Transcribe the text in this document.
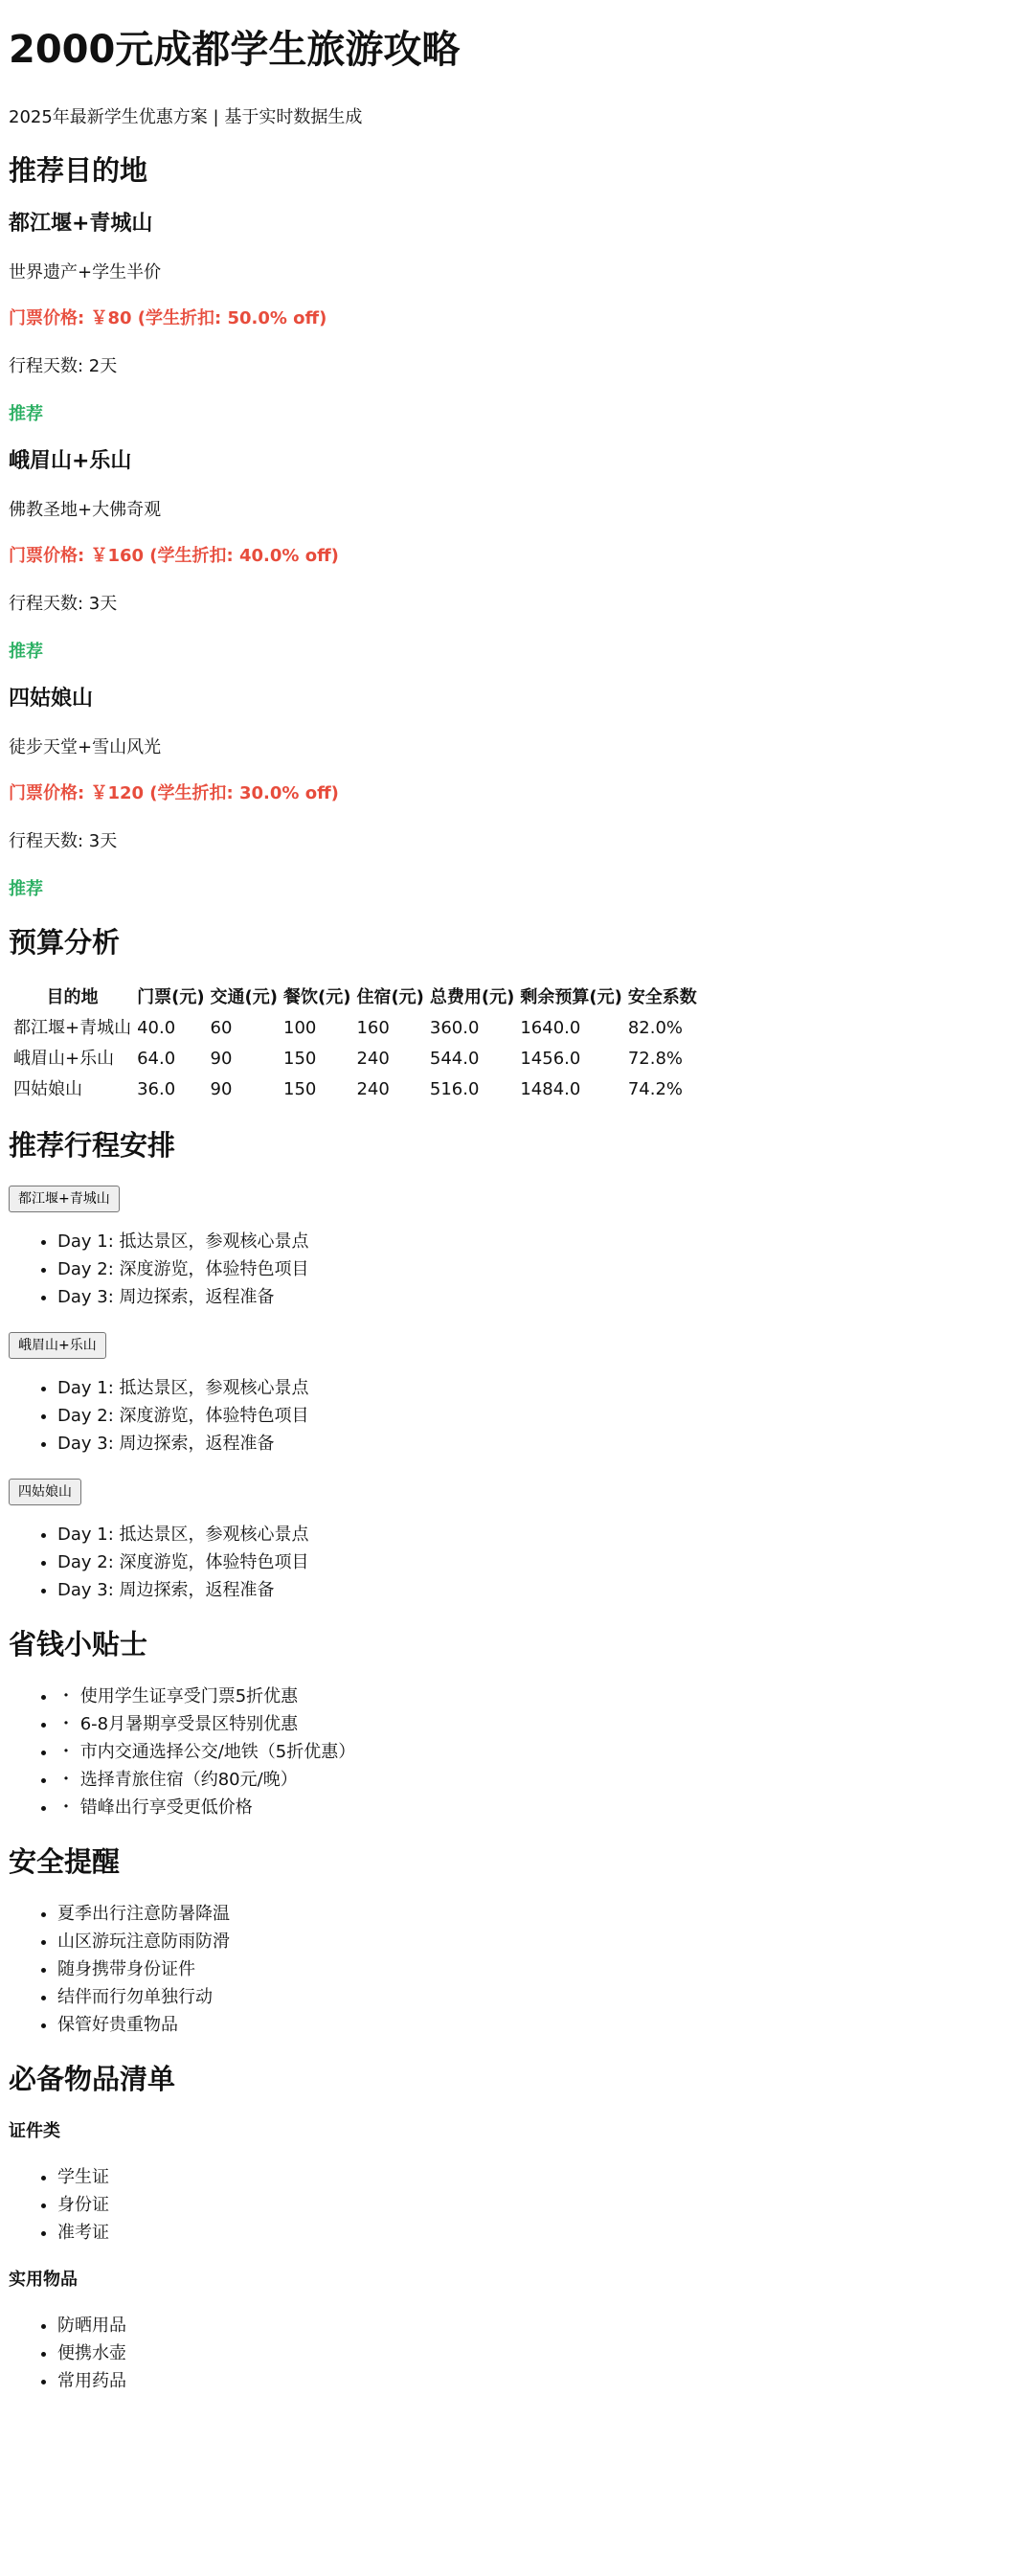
2000元成都学生旅游攻略

2025年最新学生优惠方案 | 基于实时数据生成

推荐目的地
都江堰+青城山

世界遗产+学生半价

门票价格: ￥80 (学生折扣: 50.0% off)

行程天数: 2天

推荐

峨眉山+乐山

佛教圣地+大佛奇观

门票价格: ￥160 (学生折扣: 40.0% off)

行程天数: 3天

推荐

四姑娘山

徒步天堂+雪山风光

门票价格: ￥120 (学生折扣: 30.0% off)

行程天数: 3天

推荐

预算分析
目的地	门票(元)	交通(元)	餐饮(元)	住宿(元)	总费用(元)	剩余预算(元)	安全系数
都江堰+青城山	40.0	60	100	160	360.0	1640.0	82.0%
峨眉山+乐山	64.0	90	150	240	544.0	1456.0	72.8%
四姑娘山	36.0	90	150	240	516.0	1484.0	74.2%
推荐行程安排
都江堰+青城山
• Day 1: 抵达景区，参观核心景点
• Day 2: 深度游览，体验特色项目
• Day 3: 周边探索，返程准备
峨眉山+乐山
• Day 1: 抵达景区，参观核心景点
• Day 2: 深度游览，体验特色项目
• Day 3: 周边探索，返程准备
四姑娘山
• Day 1: 抵达景区，参观核心景点
• Day 2: 深度游览，体验特色项目
• Day 3: 周边探索，返程准备
省钱小贴士
• ・ 使用学生证享受门票5折优惠
• ・ 6-8月暑期享受景区特别优惠
• ・ 市内交通选择公交/地铁（5折优惠）
• ・ 选择青旅住宿（约80元/晚）
• ・ 错峰出行享受更低价格
安全提醒
• 夏季出行注意防暑降温
• 山区游玩注意防雨防滑
• 随身携带身份证件
• 结伴而行勿单独行动
• 保管好贵重物品
必备物品清单
证件类
• 学生证
• 身份证
• 准考证
实用物品
• 防晒用品
• 便携水壶
• 常用药品
